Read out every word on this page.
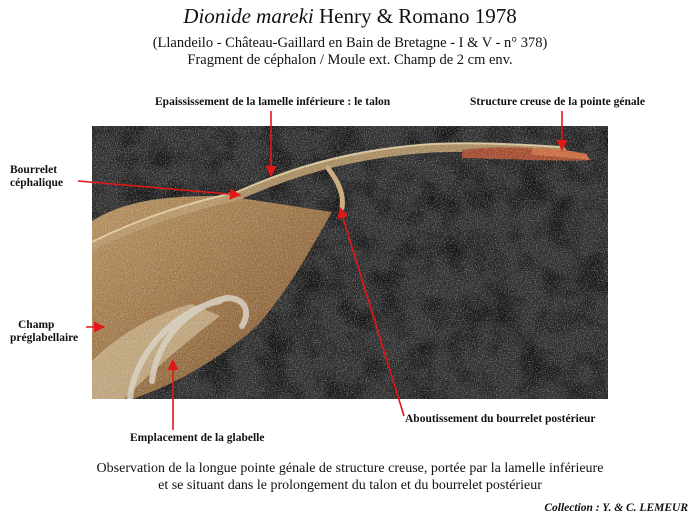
Dionide mareki Henry & Romano 1978
(Llandeilo - Château-Gaillard en Bain de Bretagne - I & V - n° 378)
Fragment de céphalon / Moule ext. Champ de 2 cm env.
Epaississement de la lamelle inférieure : le talon	Structure creuse de la pointe génale
Bourrelet
céphalique
Champ
préglabellaire
Emplacement de la glabelle
Aboutissement du bourrelet postérieur
Observation de la longue pointe génale de structure creuse, portée par la lamelle inférieure
et se situant dans le prolongement du talon et du bourrelet postérieur
Collection : Y. & C. LEMEUR
